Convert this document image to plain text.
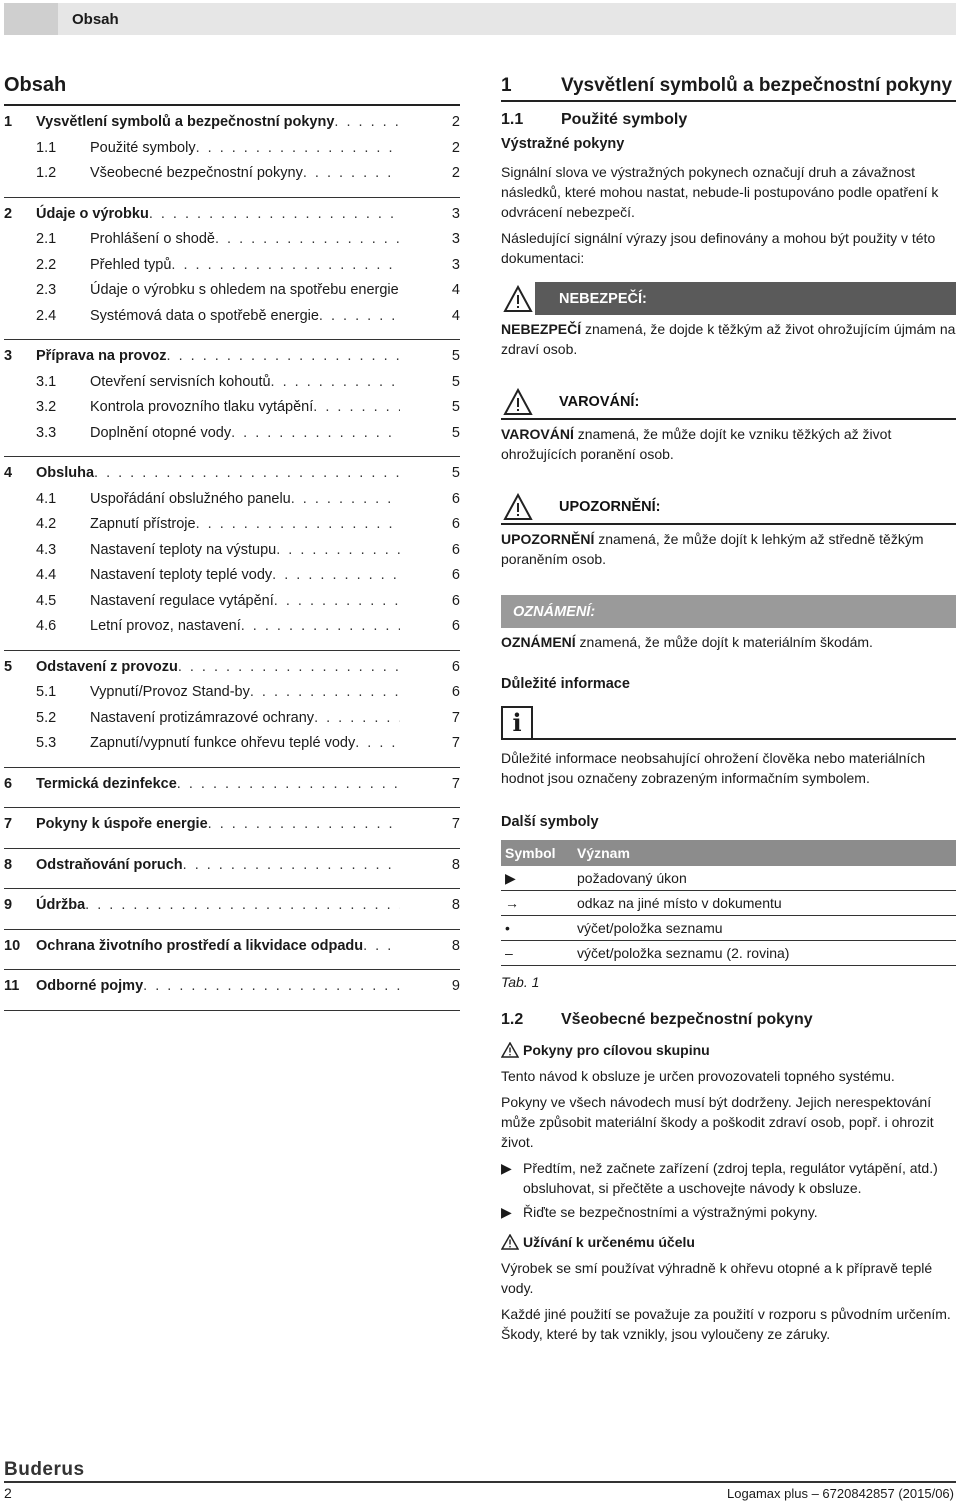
Obsah
Obsah
1	Vysvětlení symbolů a bezpečnostní pokyny . . .	2
1.1	Použité symboly . . .	2
1.2	Všeobecné bezpečnostní pokyny . . .	2
2	Údaje o výrobku . . .	3
2.1	Prohlášení o shodě . . .	3
2.2	Přehled typů . . .	3
2.3	Údaje o výrobku s ohledem na spotřebu energie . . .	4
2.4	Systémová data o spotřebě energie . . .	4
3	Příprava na provoz . . .	5
3.1	Otevření servisních kohoutů . . .	5
3.2	Kontrola provozního tlaku vytápění . . .	5
3.3	Doplnění otopné vody . . .	5
4	Obsluha . . .	5
4.1	Uspořádání obslužného panelu . . .	6
4.2	Zapnutí přístroje . . .	6
4.3	Nastavení teploty na výstupu . . .	6
4.4	Nastavení teploty teplé vody . . .	6
4.5	Nastavení regulace vytápění . . .	6
4.6	Letní provoz, nastavení . . .	6
5	Odstavení z provozu . . .	6
5.1	Vypnutí/Provoz Stand-by . . .	6
5.2	Nastavení protizámrazové ochrany . . .	7
5.3	Zapnutí/vypnutí funkce ohřevu teplé vody . . .	7
6	Termická dezinfekce . . .	7
7	Pokyny k úspoře energie . . .	7
8	Odstraňování poruch . . .	8
9	Údržba . . .	8
10	Ochrana životního prostředí a likvidace odpadu . . .	8
11	Odborné pojmy . . .	9
1	Vysvětlení symbolů a bezpečnostní pokyny
1.1 Použité symboly
Výstražné pokyny

Signální slova ve výstražných pokynech označují druh a závažnost následků, které mohou nastat, nebude-li postupováno podle opatření k odvrácení nebezpečí.

Následující signální výrazy jsou definovány a mohou být použity v této dokumentaci:

NEBEZPEČÍ:

NEBEZPEČÍ znamená, že dojde k těžkým až život ohrožujícím újmám na zdraví osob.

VAROVÁNÍ:

VAROVÁNÍ znamená, že může dojít ke vzniku těžkých až život ohrožujících poranění osob.

UPOZORNĚNÍ:

UPOZORNĚNÍ znamená, že může dojít k lehkým až středně těžkým poraněním osob.

OZNÁMENÍ:

OZNÁMENÍ znamená, že může dojít k materiálním škodám.

Důležité informace
i

Důležité informace neobsahující ohrožení člověka nebo materiálních hodnot jsou označeny zobrazeným informačním symbolem.

Další symboly
Symbol	Význam
▶	požadovaný úkon
→	odkaz na jiné místo v dokumentu
•	výčet/položka seznamu
–	výčet/položka seznamu (2. rovina)
Tab. 1
1.2 Všeobecné bezpečnostní pokyny
Pokyny pro cílovou skupinu

Tento návod k obsluze je určen provozovateli topného systému.

Pokyny ve všech návodech musí být dodrženy. Jejich nerespektování může způsobit materiální škody a poškodit zdraví osob, popř. i ohrozit život.

▶ Předtím, než začnete zařízení (zdroj tepla, regulátor vytápění, atd.) obsluhovat, si přečtěte a uschovejte návody k obsluze.
▶ Řiďte se bezpečnostními a výstražnými pokyny.
Užívání k určenému účelu

Výrobek se smí používat výhradně k ohřevu otopné a k přípravě teplé vody.

Každé jiné použití se považuje za použití v rozporu s původním určením. Škody, které by tak vznikly, jsou vyloučeny ze záruky.

Buderus
2	Logamax plus – 6720842857 (2015/06)
